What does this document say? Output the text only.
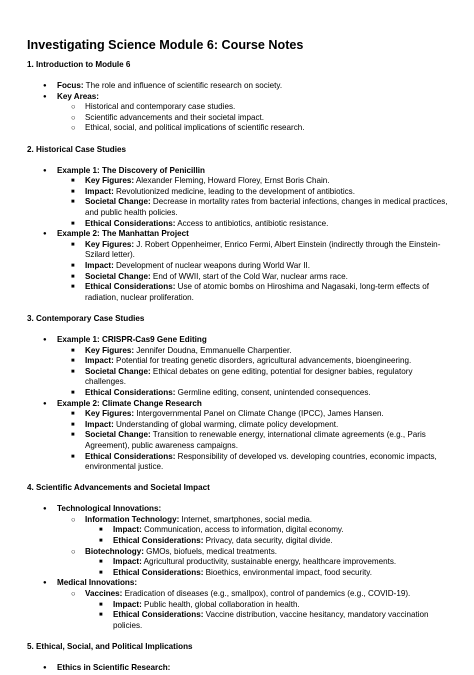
Investigating Science Module 6: Course Notes
1. Introduction to Module 6
●
Focus: The role and influence of scientific research on society.
●
Key Areas:
○
Historical and contemporary case studies.
○
Scientific advancements and their societal impact.
○
Ethical, social, and political implications of scientific research.
2. Historical Case Studies
●
Example 1: The Discovery of Penicillin
■
Key Figures: Alexander Fleming, Howard Florey, Ernst Boris Chain.
■
Impact: Revolutionized medicine, leading to the development of antibiotics.
■
Societal Change: Decrease in mortality rates from bacterial infections, changes in medical practices, and public health policies.
■
Ethical Considerations: Access to antibiotics, antibiotic resistance.
●
Example 2: The Manhattan Project
■
Key Figures: J. Robert Oppenheimer, Enrico Fermi, Albert Einstein (indirectly through the Einstein-Szilard letter).
■
Impact: Development of nuclear weapons during World War II.
■
Societal Change: End of WWII, start of the Cold War, nuclear arms race.
■
Ethical Considerations: Use of atomic bombs on Hiroshima and Nagasaki, long-term effects of radiation, nuclear proliferation.
3. Contemporary Case Studies
●
Example 1: CRISPR-Cas9 Gene Editing
■
Key Figures: Jennifer Doudna, Emmanuelle Charpentier.
■
Impact: Potential for treating genetic disorders, agricultural advancements, bioengineering.
■
Societal Change: Ethical debates on gene editing, potential for designer babies, regulatory challenges.
■
Ethical Considerations: Germline editing, consent, unintended consequences.
●
Example 2: Climate Change Research
■
Key Figures: Intergovernmental Panel on Climate Change (IPCC), James Hansen.
■
Impact: Understanding of global warming, climate policy development.
■
Societal Change: Transition to renewable energy, international climate agreements (e.g., Paris Agreement), public awareness campaigns.
■
Ethical Considerations: Responsibility of developed vs. developing countries, economic impacts, environmental justice.
4. Scientific Advancements and Societal Impact
●
Technological Innovations:
○
Information Technology: Internet, smartphones, social media.
■
Impact: Communication, access to information, digital economy.
■
Ethical Considerations: Privacy, data security, digital divide.
○
Biotechnology: GMOs, biofuels, medical treatments.
■
Impact: Agricultural productivity, sustainable energy, healthcare improvements.
■
Ethical Considerations: Bioethics, environmental impact, food security.
●
Medical Innovations:
○
Vaccines: Eradication of diseases (e.g., smallpox), control of pandemics (e.g., COVID-19).
■
Impact: Public health, global collaboration in health.
■
Ethical Considerations: Vaccine distribution, vaccine hesitancy, mandatory vaccination policies.
5. Ethical, Social, and Political Implications
●
Ethics in Scientific Research:
